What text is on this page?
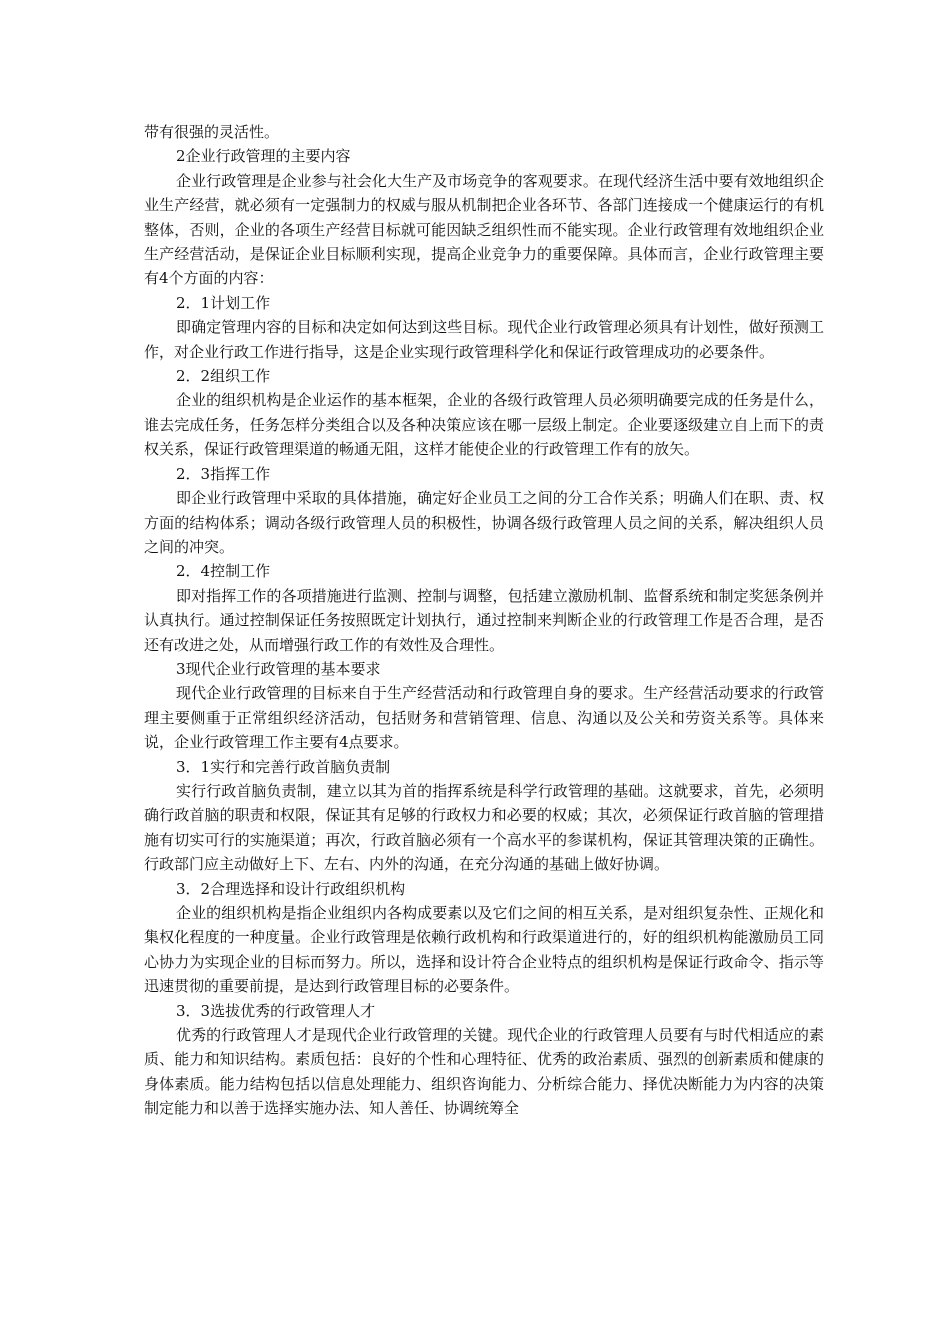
带有很强的灵活性。

2企业行政管理的主要内容

企业行政管理是企业参与社会化大生产及市场竞争的客观要求。在现代经济生活中要有效地组织企业生产经营，就必须有一定强制力的权威与服从机制把企业各环节、各部门连接成一个健康运行的有机整体，否则，企业的各项生产经营目标就可能因缺乏组织性而不能实现。企业行政管理有效地组织企业生产经营活动，是保证企业目标顺利实现，提高企业竞争力的重要保障。具体而言，企业行政管理主要有4个方面的内容：

2．1计划工作

即确定管理内容的目标和决定如何达到这些目标。现代企业行政管理必须具有计划性，做好预测工作，对企业行政工作进行指导，这是企业实现行政管理科学化和保证行政管理成功的必要条件。

2．2组织工作

企业的组织机构是企业运作的基本框架，企业的各级行政管理人员必须明确要完成的任务是什么，谁去完成任务，任务怎样分类组合以及各种决策应该在哪一层级上制定。企业要逐级建立自上而下的责权关系，保证行政管理渠道的畅通无阻，这样才能使企业的行政管理工作有的放矢。

2．3指挥工作

即企业行政管理中采取的具体措施，确定好企业员工之间的分工合作关系；明确人们在职、责、权方面的结构体系；调动各级行政管理人员的积极性，协调各级行政管理人员之间的关系，解决组织人员之间的冲突。

2．4控制工作

即对指挥工作的各项措施进行监测、控制与调整，包括建立激励机制、监督系统和制定奖惩条例并认真执行。通过控制保证任务按照既定计划执行，通过控制来判断企业的行政管理工作是否合理，是否还有改进之处，从而增强行政工作的有效性及合理性。

3现代企业行政管理的基本要求

现代企业行政管理的目标来自于生产经营活动和行政管理自身的要求。生产经营活动要求的行政管理主要侧重于正常组织经济活动，包括财务和营销管理、信息、沟通以及公关和劳资关系等。具体来说，企业行政管理工作主要有4点要求。

3．1实行和完善行政首脑负责制

实行行政首脑负责制，建立以其为首的指挥系统是科学行政管理的基础。这就要求，首先，必须明确行政首脑的职责和权限，保证其有足够的行政权力和必要的权威；其次，必须保证行政首脑的管理措施有切实可行的实施渠道；再次，行政首脑必须有一个高水平的参谋机构，保证其管理决策的正确性。行政部门应主动做好上下、左右、内外的沟通，在充分沟通的基础上做好协调。

3．2合理选择和设计行政组织机构

企业的组织机构是指企业组织内各构成要素以及它们之间的相互关系，是对组织复杂性、正规化和集权化程度的一种度量。企业行政管理是依赖行政机构和行政渠道进行的，好的组织机构能激励员工同心协力为实现企业的目标而努力。所以，选择和设计符合企业特点的组织机构是保证行政命令、指示等迅速贯彻的重要前提，是达到行政管理目标的必要条件。

3．3选拔优秀的行政管理人才

优秀的行政管理人才是现代企业行政管理的关键。现代企业的行政管理人员要有与时代相适应的素质、能力和知识结构。素质包括：良好的个性和心理特征、优秀的政治素质、强烈的创新素质和健康的身体素质。能力结构包括以信息处理能力、组织咨询能力、分析综合能力、择优决断能力为内容的决策制定能力和以善于选择实施办法、知人善任、协调统筹全
